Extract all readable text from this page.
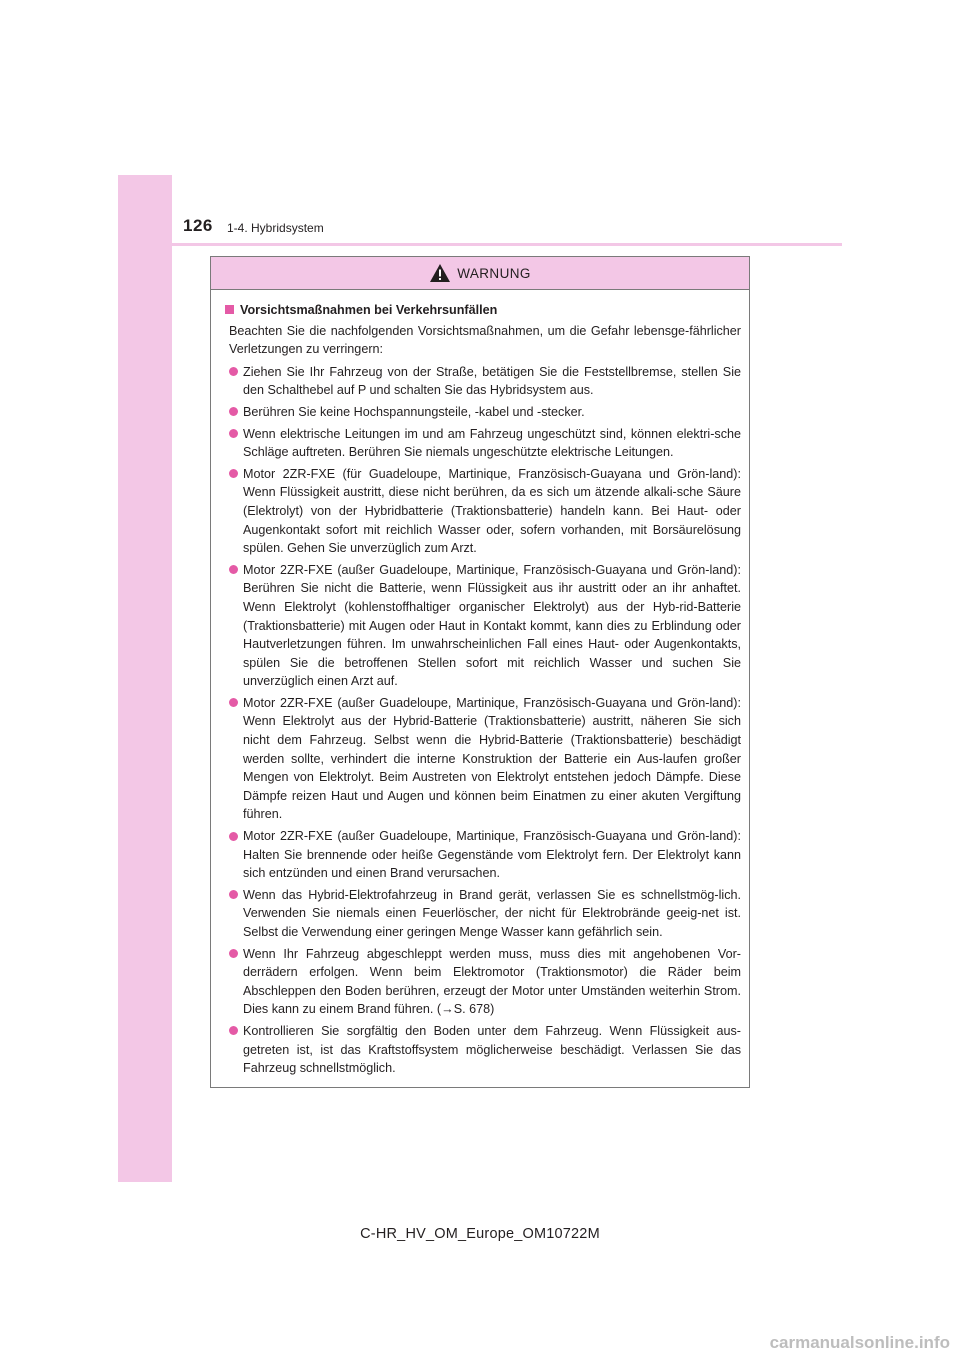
126 1-4. Hybridsystem
WARNUNG
Vorsichtsmaßnahmen bei Verkehrsunfällen
Beachten Sie die nachfolgenden Vorsichtsmaßnahmen, um die Gefahr lebensge-fährlicher Verletzungen zu verringern:
Ziehen Sie Ihr Fahrzeug von der Straße, betätigen Sie die Feststellbremse, stellen Sie den Schalthebel auf P und schalten Sie das Hybridsystem aus.
Berühren Sie keine Hochspannungsteile, -kabel und -stecker.
Wenn elektrische Leitungen im und am Fahrzeug ungeschützt sind, können elektri-sche Schläge auftreten. Berühren Sie niemals ungeschützte elektrische Leitungen.
Motor 2ZR-FXE (für Guadeloupe, Martinique, Französisch-Guayana und Grön-land): Wenn Flüssigkeit austritt, diese nicht berühren, da es sich um ätzende alkali-sche Säure (Elektrolyt) von der Hybridbatterie (Traktionsbatterie) handeln kann. Bei Haut- oder Augenkontakt sofort mit reichlich Wasser oder, sofern vorhanden, mit Borsäurelösung spülen. Gehen Sie unverzüglich zum Arzt.
Motor 2ZR-FXE (außer Guadeloupe, Martinique, Französisch-Guayana und Grön-land): Berühren Sie nicht die Batterie, wenn Flüssigkeit aus ihr austritt oder an ihr anhaftet. Wenn Elektrolyt (kohlenstoffhaltiger organischer Elektrolyt) aus der Hyb-rid-Batterie (Traktionsbatterie) mit Augen oder Haut in Kontakt kommt, kann dies zu Erblindung oder Hautverletzungen führen. Im unwahrscheinlichen Fall eines Haut- oder Augenkontakts, spülen Sie die betroffenen Stellen sofort mit reichlich Wasser und suchen Sie unverzüglich einen Arzt auf.
Motor 2ZR-FXE (außer Guadeloupe, Martinique, Französisch-Guayana und Grön-land): Wenn Elektrolyt aus der Hybrid-Batterie (Traktionsbatterie) austritt, näheren Sie sich nicht dem Fahrzeug. Selbst wenn die Hybrid-Batterie (Traktionsbatterie) beschädigt werden sollte, verhindert die interne Konstruktion der Batterie ein Aus-laufen großer Mengen von Elektrolyt. Beim Austreten von Elektrolyt entstehen jedoch Dämpfe. Diese Dämpfe reizen Haut und Augen und können beim Einatmen zu einer akuten Vergiftung führen.
Motor 2ZR-FXE (außer Guadeloupe, Martinique, Französisch-Guayana und Grön-land): Halten Sie brennende oder heiße Gegenstände vom Elektrolyt fern. Der Elektrolyt kann sich entzünden und einen Brand verursachen.
Wenn das Hybrid-Elektrofahrzeug in Brand gerät, verlassen Sie es schnellstmög-lich. Verwenden Sie niemals einen Feuerlöscher, der nicht für Elektrobrände geeig-net ist. Selbst die Verwendung einer geringen Menge Wasser kann gefährlich sein.
Wenn Ihr Fahrzeug abgeschleppt werden muss, muss dies mit angehobenen Vor-derrädern erfolgen. Wenn beim Elektromotor (Traktionsmotor) die Räder beim Abschleppen den Boden berühren, erzeugt der Motor unter Umständen weiterhin Strom. Dies kann zu einem Brand führen. (→S. 678)
Kontrollieren Sie sorgfältig den Boden unter dem Fahrzeug. Wenn Flüssigkeit aus-getreten ist, ist das Kraftstoffsystem möglicherweise beschädigt. Verlassen Sie das Fahrzeug schnellstmöglich.
C-HR_HV_OM_Europe_OM10722M
carmanualsonline.info
